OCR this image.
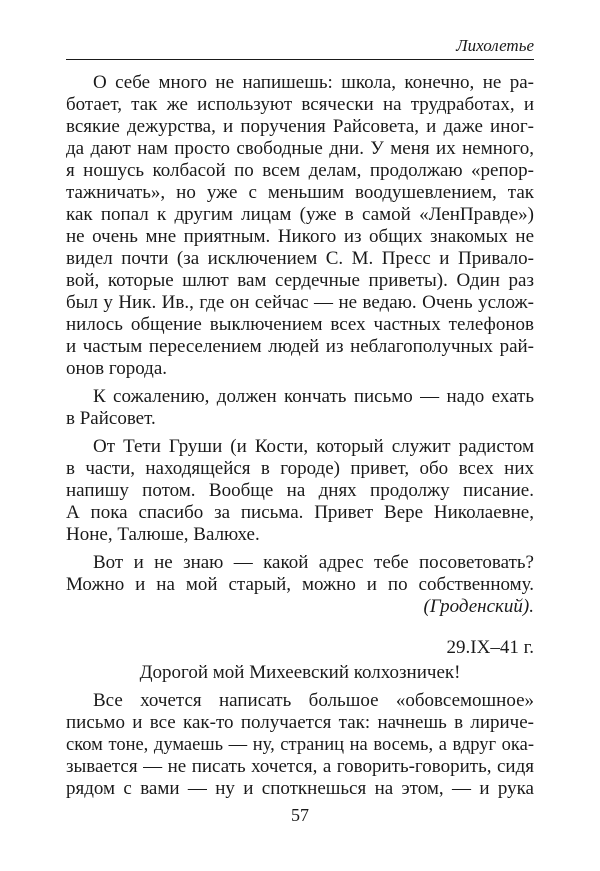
Лихолетье
О себе много не напишешь: школа, конечно, не ра-
ботает, так же используют всячески на трудработах, и
всякие дежурства, и поручения Райсовета, и даже иног-
да дают нам просто свободные дни. У меня их немного,
я ношусь колбасой по всем делам, продолжаю «репор-
тажничать», но уже с меньшим воодушевлением, так
как попал к другим лицам (уже в самой «ЛенПравде»)
не очень мне приятным. Никого из общих знакомых не
видел почти (за исключением С. М. Пресс и Привало-
вой, которые шлют вам сердечные приветы). Один раз
был у Ник. Ив., где он сейчас — не ведаю. Очень услож-
нилось общение выключением всех частных телефонов
и частым переселением людей из неблагополучных рай-
онов города.
К сожалению, должен кончать письмо — надо ехать
в Райсовет.
От Тети Груши (и Кости, который служит радистом
в части, находящейся в городе) привет, обо всех них
напишу потом. Вообще на днях продолжу писание.
А пока спасибо за письма. Привет Вере Николаевне,
Ноне, Талюше, Валюхе.
Вот и не знаю — какой адрес тебе посоветовать?
Можно и на мой старый, можно и по собственному.
(Гроденский).
29.IX–41 г.
Дорогой мой Михеевский колхозничек!
Все хочется написать большое «обовсемошное»
письмо и все как-то получается так: начнешь в лириче-
ском тоне, думаешь — ну, страниц на восемь, а вдруг ока-
зывается — не писать хочется, а говорить-говорить, сидя
рядом с вами — ну и споткнешься на этом, — и рука
57
